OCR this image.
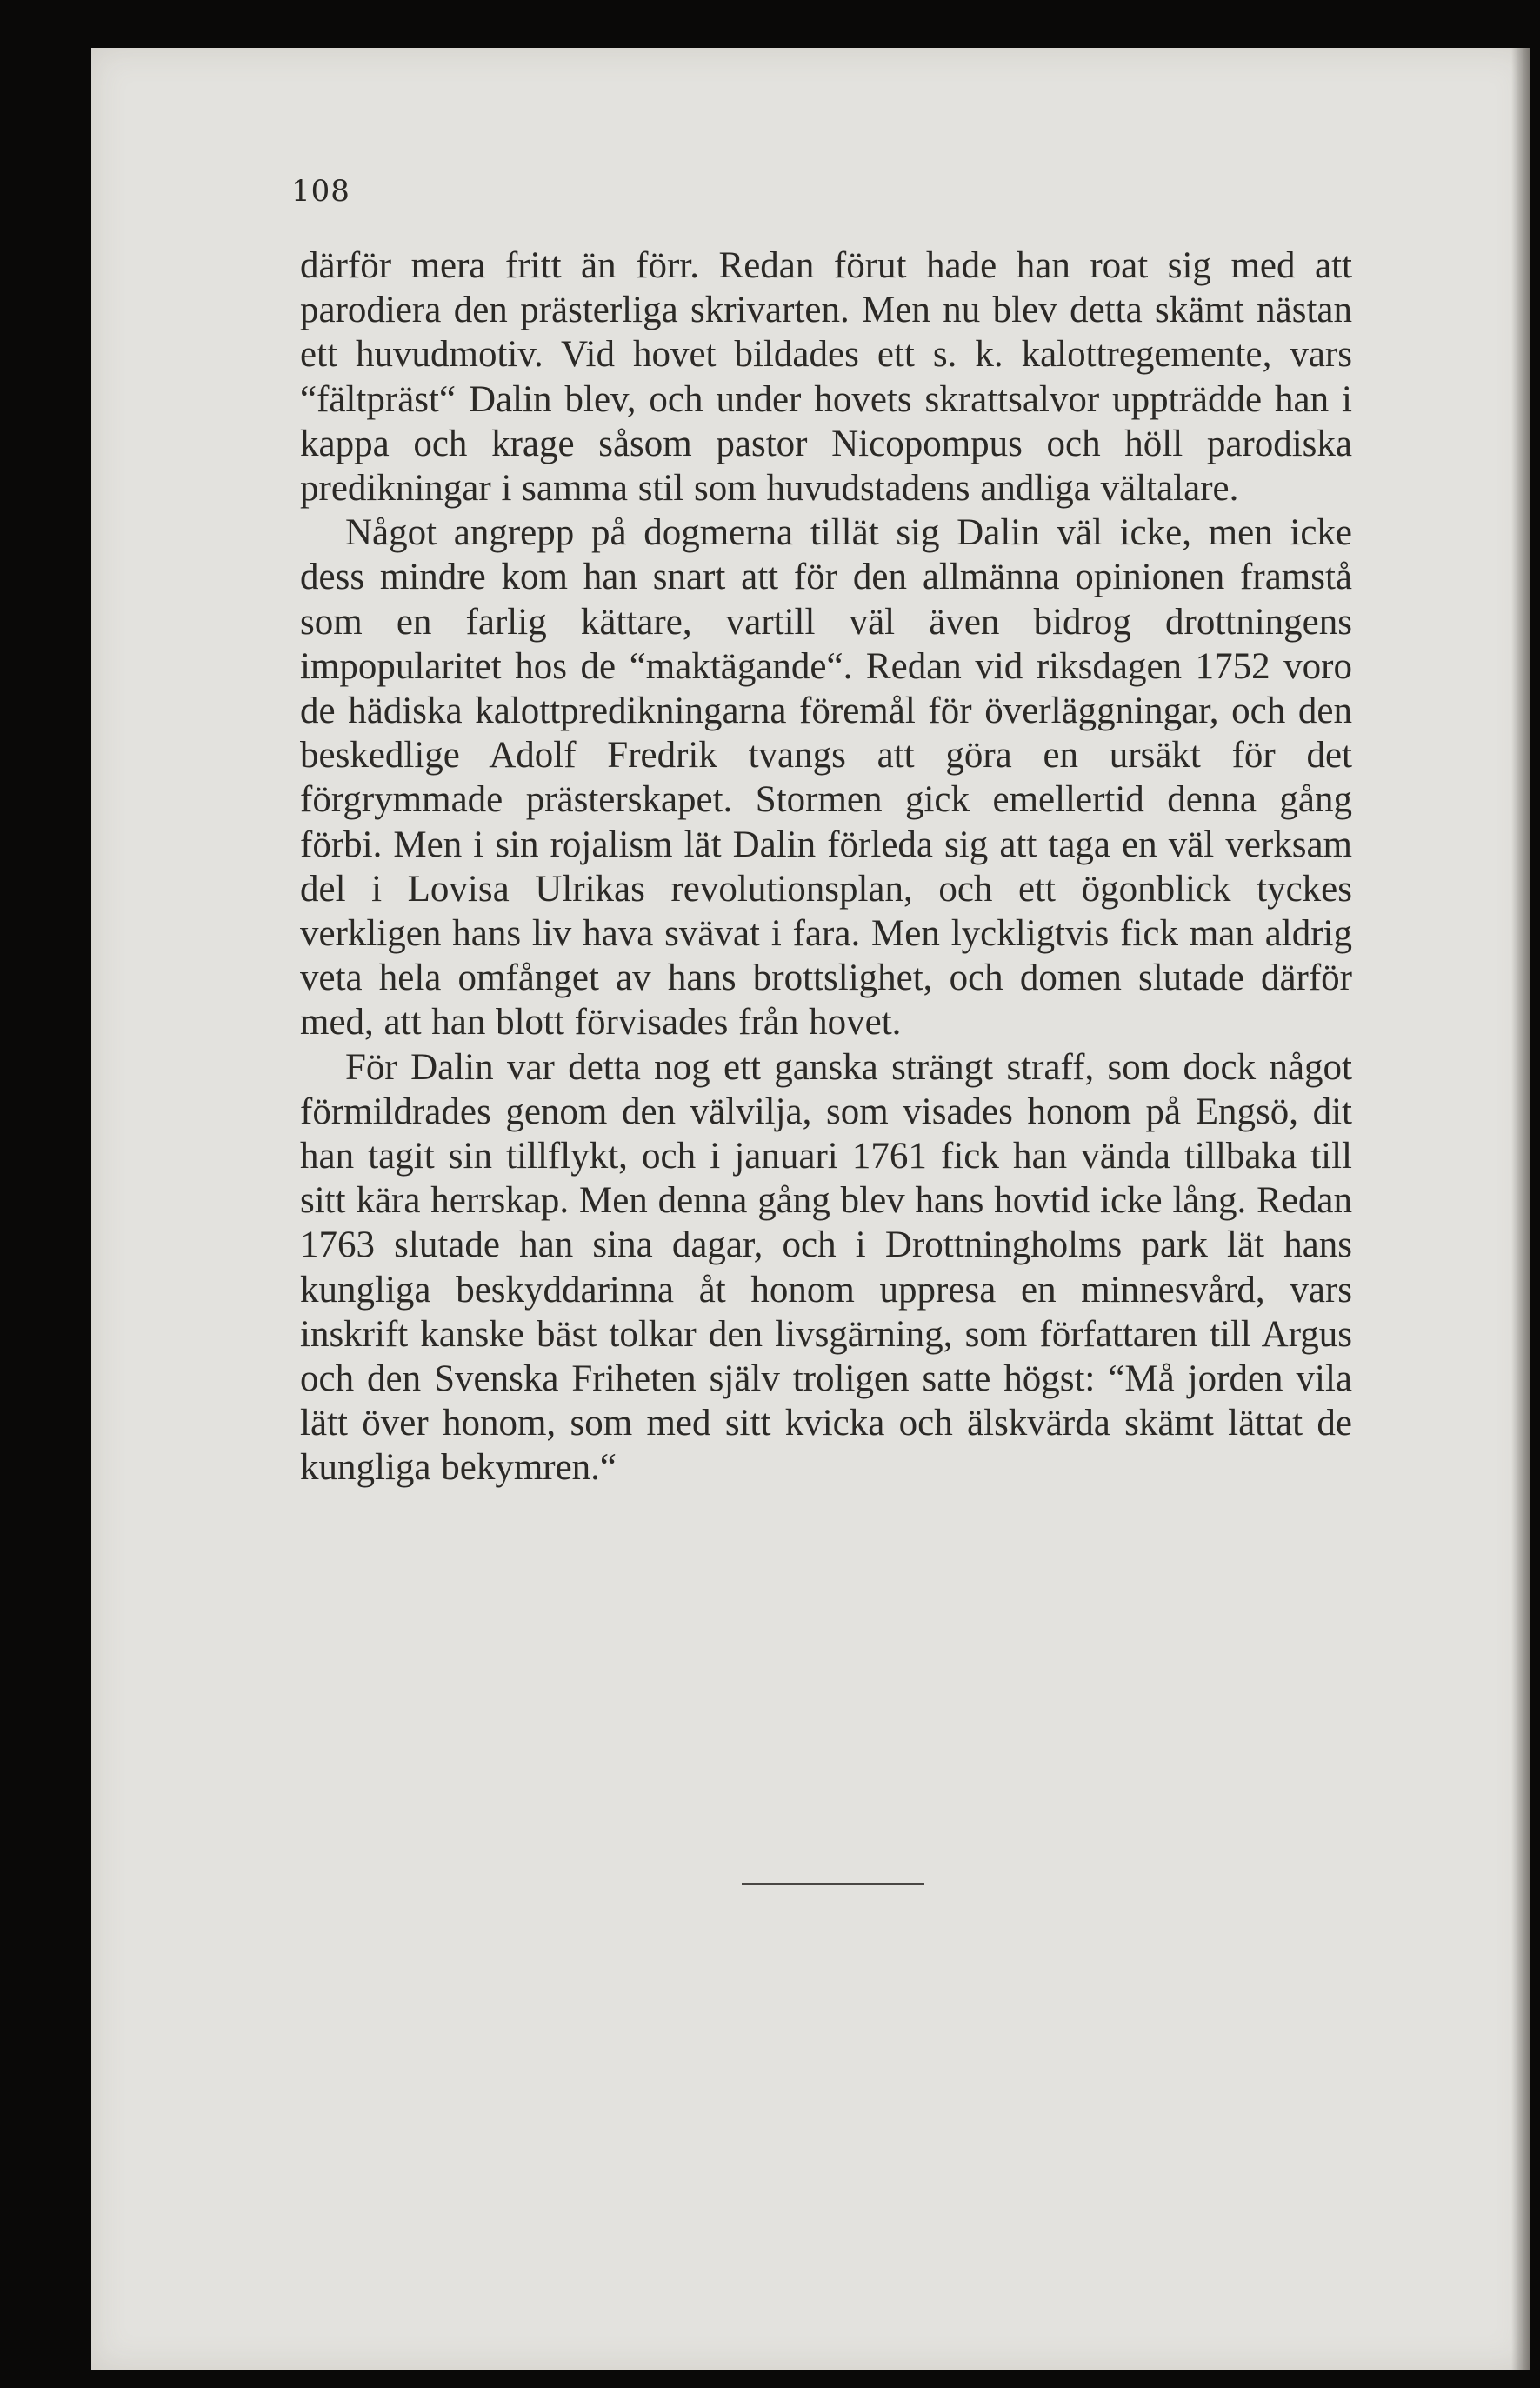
108

därför mera fritt än förr. Redan förut hade han roat sig med att parodiera den prästerliga skrivarten. Men nu blev detta skämt nästan ett huvudmotiv. Vid hovet bildades ett s. k. kalottregemente, vars “fältpräst“ Dalin blev, och under hovets skrattsalvor uppträdde han i kappa och krage såsom pastor Nicopompus och höll parodiska predikningar i samma stil som huvudstadens andliga vältalare.

Något angrepp på dogmerna tillät sig Dalin väl icke, men icke dess mindre kom han snart att för den allmänna opinionen framstå som en farlig kättare, vartill väl även bidrog drottningens impopularitet hos de “maktägande“. Redan vid riksdagen 1752 voro de hädiska kalottpredikningarna föremål för överläggningar, och den beskedlige Adolf Fredrik tvangs att göra en ursäkt för det förgrymmade prästerskapet. Stormen gick emellertid denna gång förbi. Men i sin rojalism lät Dalin förleda sig att taga en väl verksam del i Lovisa Ulrikas revolutionsplan, och ett ögonblick tyckes verkligen hans liv hava svävat i fara. Men lyckligtvis fick man aldrig veta hela omfånget av hans brottslighet, och domen slutade därför med, att han blott förvisades från hovet.

För Dalin var detta nog ett ganska strängt straff, som dock något förmildrades genom den välvilja, som visades honom på Engsö, dit han tagit sin tillflykt, och i januari 1761 fick han vända tillbaka till sitt kära herrskap. Men denna gång blev hans hovtid icke lång. Redan 1763 slutade han sina dagar, och i Drottningholms park lät hans kungliga beskyddarinna åt honom uppresa en minnesvård, vars inskrift kanske bäst tolkar den livsgärning, som författaren till Argus och den Svenska Friheten själv troligen satte högst: “Må jorden vila lätt över honom, som med sitt kvicka och älskvärda skämt lättat de kungliga bekymren.“
